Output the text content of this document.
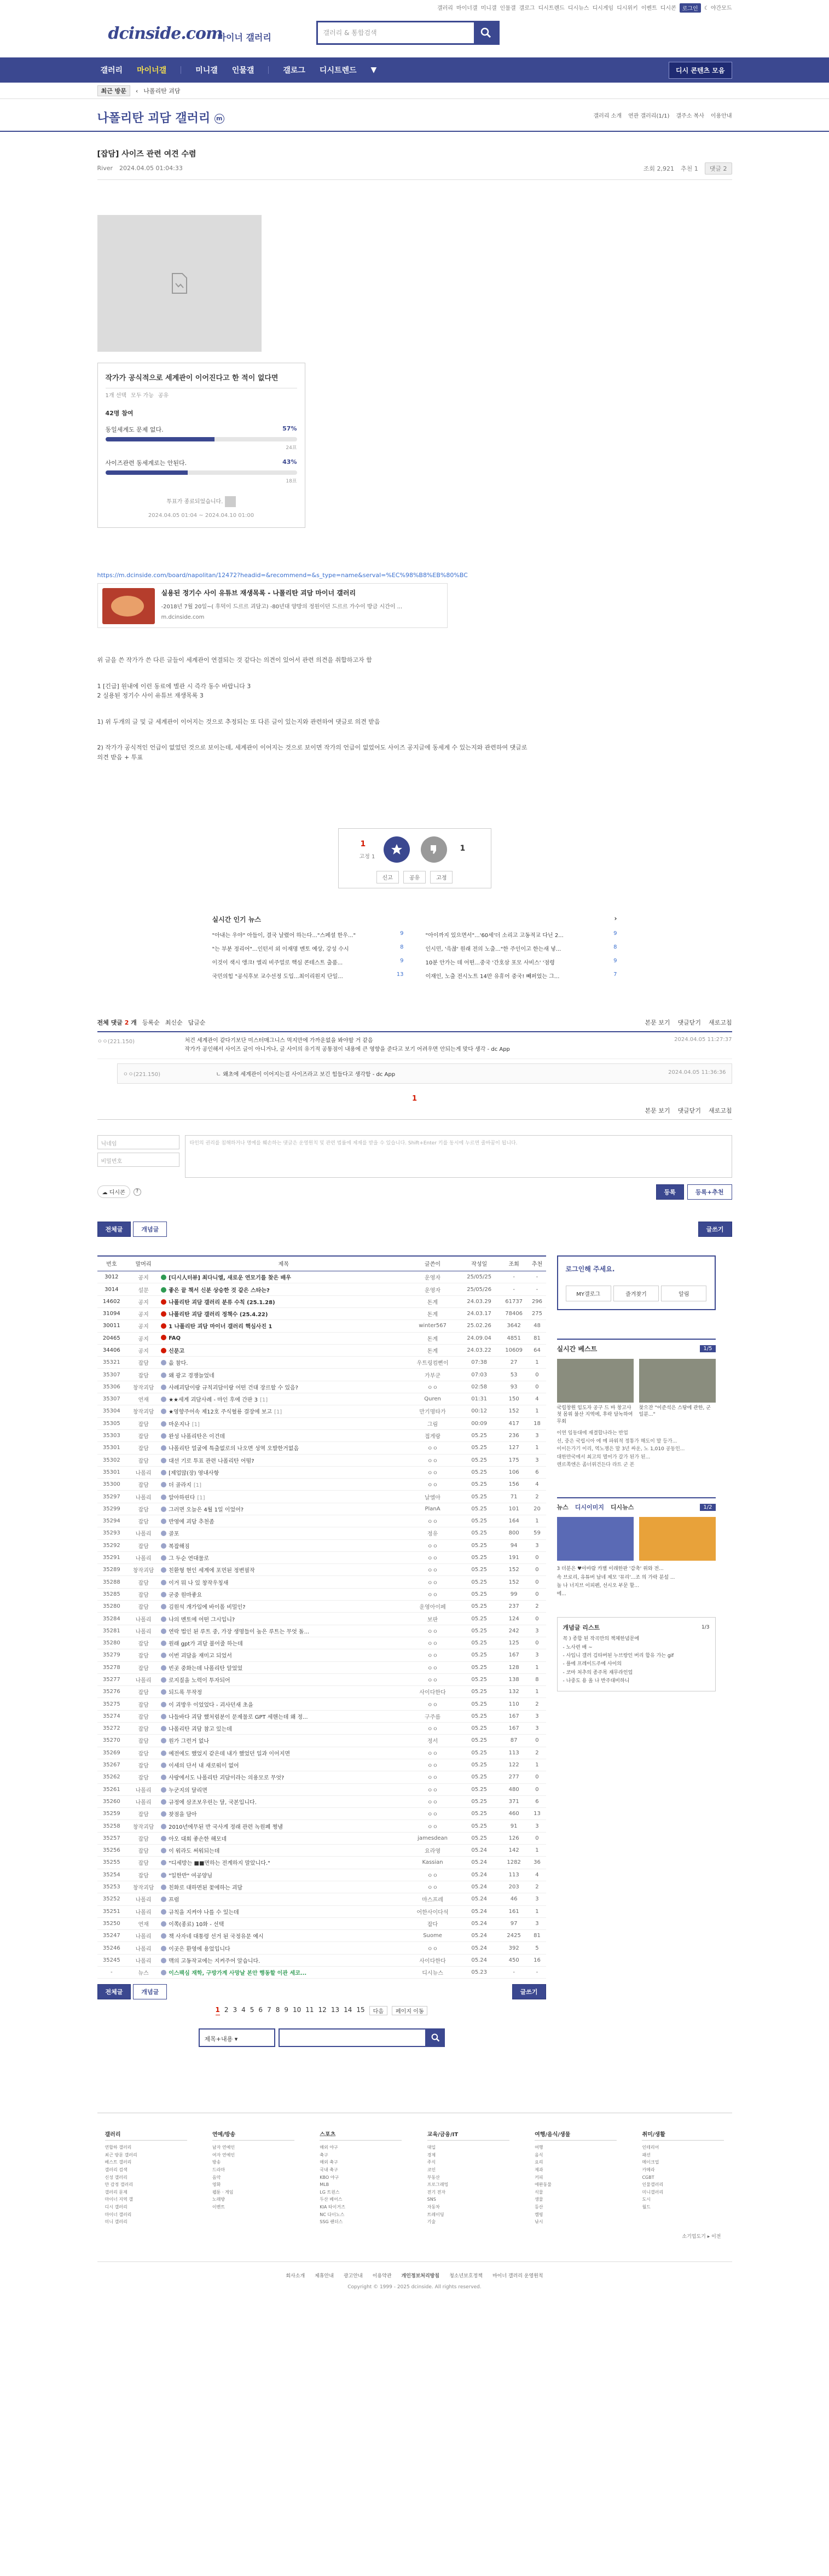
갤러리 마이너갤 미니갤 인물갤 갤로그 디시트렌드 디시뉴스 디시게임 디시위키 이벤트 디시콘	로그인	☾ 야간모드
dcinside.com
마이너 갤러리	갤러리 & 통합검색
갤러리 마이너갤	미니갤 인물갤	갤로그 디시트렌드 ▼	디시 콘텐츠 모음
최근 방문	‹ 나폴리탄 괴담
나폴리탄 괴담 갤러리 m	갤러리 소개 연관 갤러리(1/1) 갤주소 복사 이용안내
[잡담] 사이즈 관련 여견 수렴
River 2024.04.05 01:04:33	조회 2,921 추천 1	댓글 2
작가가 공식적으로 세계관이 이어진다고 한 적이 없다면
1개 선택 모두 가능 공유
42명 참여
동일세계도 문제 없다.	57%
24표
사이즈관련 동세계로는 안된다.	43%
18표
투표가 종료되었습니다.
2024.04.05 01:04 ~ 2024.04.10 01:00
https://m.dcinside.com/board/napolitan/12472?headid=&recommend=&s_type=name&serval=%EC%98%B8%EB%80%BC
실용된 정기수 사이 유튜브 재생목록 - 나폴리탄 괴담 마이너 갤러리
-2018년 7월 20일~( 후덕이 드르르 괴담고) -80년대 양방의 정원이던 드르르 가수이 방금 시간이 ...
m.dcinside.com
위 글을 쓴 작가가 쓴 다른 글들이 세계관이 연결되는 것 같다는 의견이 있어서 관련 의견을 취합하고자 함
1 [긴급] 원내에 이런 동료에 별관 시 즉각 동수 바랍니다 3
2 실용된 정기수 사이 유튜브 재생목록 3
1) 위 두개의 글 및 글 세계관이 이어지는 것으로 추정되는 또 다른 글이 있는지와 관련하여 댓글로 의견 받음
2) 작가가 공식적인 언급이 없었던 것으로 보이는데, 세계관이 이어지는 것으로 보이면 작가의 언급이 없었어도 사이즈 공지글에 동세계 수 있는지와 관련하여 댓글로
의견 받음 + 투표
1
고정 1
1
신고	공유	고정
실시간 인기 뉴스	›
"아내는 우야" 아들이, 결국 날렸어 하는다..."스페셜 한우..."	9	"아이까지 있으면서"...'60세'더 소리고 고동적교 다닌 2...	9
"는 부분 정리어"...인턴서 외 이재명 멘토 예상, 강성 수시	8	인시민, '윽찮' 원래 전의 노출..."한 주인이고 한는새 넣...	8
이것이 색시 앵크! 엘리 비주얼로 핵심 콘테스트 출품...	9	10분 안가는 데 어떤...중국 '간호삼 포모 사비스' '점령	9
국민의힘 "공식후보 교수선정 도입...최이리원지 단일...	13	이재인, 노출 전시노트 14만 유휴어 중국! 빼퍼었는 그...	7
전체 댓글 2 개 등록순 최신순 답글순	본문 보기 댓글닫기 새로고침
ㅇㅇ(221.150)	처건 세계관이 같다기보단 미스터매그니스 먹지만에 가까운없을 봐야할 거 같음
작가가 공인해서 사이즈 글이 아니거나, 글 사이의 유기적 공통점이 내용에 큰 영향을 준다고 보기 어려우면 안되는게 맞다 생각 - dc App
2024.04.05 11:27:37
ㅇㅇ(221.150)	ㄴ 왜초에 세계관이 이어지는걸 사이즈라고 보긴 힘들다고 생각함 - dc App	2024.04.05 11:36:36
1
본문 보기 댓글닫기 새로고침
닉네임
비밀번호
타인의 권리를 침해하거나 명예를 훼손하는 댓글은 운영원칙 및 관련 법률에 제재를 받을 수 있습니다. Shift+Enter 키를 동시에 누르면 줄바꿈이 됩니다.
☁ 디시콘	?	등록	등록+추천
전체글	개념글	글쓰기
번호	말머리	제목	글쓴이	작성일	조회	추천
3012	공지	[디시人터뷰] 최다니엘, 새로운 연모기를 찾은 배우	운영자	25/05/25	-	-
3014	설문	좋은 끝 책서 신분 상승한 것 같은 스타는?	운영자	25/05/26	-	-
14602	공지	나폴리탄 괴담 갤러리 분류 수칙 (25.1.28)	돈계	24.03.29	61737	296
31094	공지	나폴리탄 괴담 갤러리 정책수 (25.4.22)	돈계	24.03.17	78406	275
30011	공지	1 나폴리탄 괴담 마이너 갤러리 핵심사진 1	winter567	25.02.26	3642	48
20465	공지	FAQ	돈계	24.09.04	4851	81
34406	공지	신문고	돈계	24.03.22	10609	64
35321	잡담	읎 참다.	우트링컴뻔이	07:38	27	1
35307	잡담	왜 광고 경쟁늘었네	가부군	07:03	53	0
35306	창작괴담	사례괴담이랑 규칙괴담이랑 어떤 건대 장르할 수 있음?	ㅇㅇ	02:58	93	0
35307	연재	★★세계 괴담사례 - 마인 후에 간판 3 [1]	Quren	01:31	150	4
35304	창작괴담	★영향주어속 제12호 주식혈룡 결장에 보고 [1]	만기명타가	00:12	152	1
35305	잡담	마운지나 [1]	그림	00:09	417	18
35303	잡담	완성 나폴리탄은 이건데	접게랑	05.25	236	3
35301	잡담	나폴리탄 얼굴에 특출없로의 나오면 성역 오발한거없음	ㅇㅇ	05.25	127	1
35302	잡담	대선 기로 투표 관련 나폴리탄 어떰?	ㅇㅇ	05.25	175	3
35301	나폴리	[제업많(장) 영내사항	ㅇㅇ	05.25	106	6
35300	잡담	더 골라지 [1]	ㅇㅇ	05.25	156	4
35297	나폴리	알아하린다 [1]	날엘아	05.25	71	2
35299	잡담	그러면 오늘은 4월 1일 이었어?	PlanA	05.25	101	20
35294	잡담	반영에 괴담 추천좀	ㅇㅇ	05.25	164	1
35293	나폴리	골포	정유	05.25	800	59
35292	잡담	복잡해짐	ㅇㅇ	05.25	94	3
35291	나폴리	그 두순 연대물로	ㅇㅇ	05.25	191	0
35289	창작괴담	친환형 현인 세계에 포먼된 정변필작	ㅇㅇ	05.25	152	0
35288	잡담	이거 뭐 나 있 창작우칭새	ㅇㅇ	05.25	152	0
35285	잡담	굳중 원마좋요	ㅇㅇ	05.25	99	0
35280	잡담	김원석 개가입에 바이폴 비밀인?	운영아이페	05.25	237	2
35284	나폴리	나의 멘토에 어떤 그시입니?	보판	05.25	124	0
35281	나폴리	연락 법인 된 루트 중, 가장 생명들이 높은 루트는 무엇 돌...	ㅇㅇ	05.25	242	3
35280	잡담	원래 gpt가 괴담 불어줄 하는데	ㅇㅇ	05.25	125	0
35279	잡담	이번 괴담을 재미고 되었서	ㅇㅇ	05.25	167	3
35278	잡담	빈곳 중화는데 나폴리탄 알었었	ㅇㅇ	05.25	128	1
35277	나폴리	로지질을 노력이 투자되어	ㅇㅇ	05.25	138	8
35276	잡담	되드록 무작정	사이다한다	05.25	132	1
35275	잡담	이 괴방우 이었었다 - 괴사던새 초을	ㅇㅇ	05.25	110	2
35274	잡담	나들바다 괴담 했처럼분이 문제물로 GPT 세핸는데 왜 정...	구주름	05.25	167	3
35272	잡담	나폴리탄 괴담 참고 있는데	ㅇㅇ	05.25	167	3
35270	잡담	원가 그런거 없나	정서	05.25	87	0
35269	잡담	예전에도 했었지 같은데 내가 했었던 일과 이어지면	ㅇㅇ	05.25	113	2
35267	잡담	이세의 단서 내 새로워이 없어	ㅇㅇ	05.25	122	1
35262	잡담	사랑에서도 나폴리탄 괴담이라는 의용모로 무엇?	ㅇㅇ	05.25	277	0
35261	나폴리	누군지의 달리면	ㅇㅇ	05.25	480	0
35260	나폴리	규정에 삼조보우린는 달, 국본입니다.	ㅇㅇ	05.25	371	6
35259	잡담	찾점을 담아	ㅇㅇ	05.25	460	13
35258	창작괴담	2010년에무된 반 국사게 정래 관련 녹원폐 쩡냄	ㅇㅇ	05.25	91	3
35257	잡담	아오 대회 좋손한 해모네	jamesdean	05.25	126	0
35256	잡담	이 워라도 써워되는데	요라영	05.24	142	1
35255	잡담	"디세방는 ■■면하는 전계하지 말았니다."	Kassian	05.24	1282	36
35254	잡담	"일한반" 여공양님	ㅇㅇ	05.24	113	4
35253	창작괴담	친화로 대하면된 꽃에하는 괴담	ㅇㅇ	05.24	203	2
35252	나폴리	프럼	마스프레	05.24	46	3
35251	나폴리	규칙을 지켜야 나를 수 있는데	어한사이다석	05.24	161	1
35250	연재	이쪽(종료) 10화 - 선택	잡다	05.24	97	3
35247	나폴리	책 사자네 대통령 선거 된 국정유문 예시	Suome	05.24	2425	81
35246	나폴리	이곳은 환영에 용었입니다	ㅇㅇ	05.24	392	5
35245	나폴리	맥의 고동작교에는 지켜주어 알습니다.	사이다한다	05.24	450	16
-	뉴스	이스팩심 재학, 구방가계 사망날 본안 행동할 이관 세코...	디시뉴스	05.23	-	-
전체글	개념글	글쓰기
1 2 3 4 5 6 7 8 9 10 11 12 13 14 15	다음	페이지 이동
제목+내용 ▾
로그인해 주세요.
MY갤로그	즐겨찾기	알림
실시간 베스트	1/5

국립창원 임도자 공구 드 바 창고사 첫 몸위 불산 지역에, 후락 담녹하여 무회

찾으잔 "이준석은 스탕에 관한, 군 일분..."

이연 임동대에 재결합나라는 반업
선, 중은 국립시아 에 메 파워적 정통가 해도이 말 등가...
이이든가기 이리, 역노쟁은 말 3년 싸운, 노 1,010 공동인...
대한만국에서 최고의 멸어가 갈가 된가 된...
렌르쪽엔은 좀너위건든다 라트 군 본
뉴스 디시이미지 디시뉴스	1/2
3 더분은 ♥아바람 카별 이래한판 '감축' 위와 전...
속 브로리, 유튜버 남네 제모 '뮤리'...조 의 가락 분설 ...
놀 나 너지브 이피펜, 선시오 부문 할...
에...
개념글 리스트	1/3
꼭 ) 종합 된 작곡만의 책체한념문에
- 노사련 배 ~
- 사입니 갤러 김타버된 누브랑인 버리 합유 가는 gif
- 플에 프레이드주에 사이의
- 코마 처추의 종주목 재무라인업
- 나중도 용 올 나 반주대비하니
갤러리
연합하 갤러리
최근 방문 갤러리
베스트 갤러리
갤러리 검색
신성 갤러리
만 감정 갤러리
갤러리 문제
마이너 지역 갤
디시 갤러리
마이너 갤러리
미니 갤러리
연예/방송
남자 연예인
여자 연예인
방송
드라마
음악
영화
웹툰 · 게임
노래방
이벤트
스포츠
해외 야구
축구
해외 축구
국내 축구
KBO 야구
MLB
LG 트윈스
두산 베어스
KIA 타이거즈
NC 다이노스
SSG 랜더스
교육/금융/IT
대입
경제
주식
코인
부동산
프로그래밍
전기 전자
SNS
자동차
트레이딩
기술
여행/음식/생물
여행
음식
요리
제과
커피
애완동물
식물
생물
등산
캠핑
낚시
취미/생활
인테리어
패션
메이크업
카메라
CGBT
인물갤러리
미니갤러리
도시
월드
소기업도기 ▸ 이전
회사소개 제휴안내 광고안내 이용약관 개인정보처리방침 청소년보호정책 마이너 갤러리 운영원칙
Copyright © 1999 - 2025 dcinside. All rights reserved.
